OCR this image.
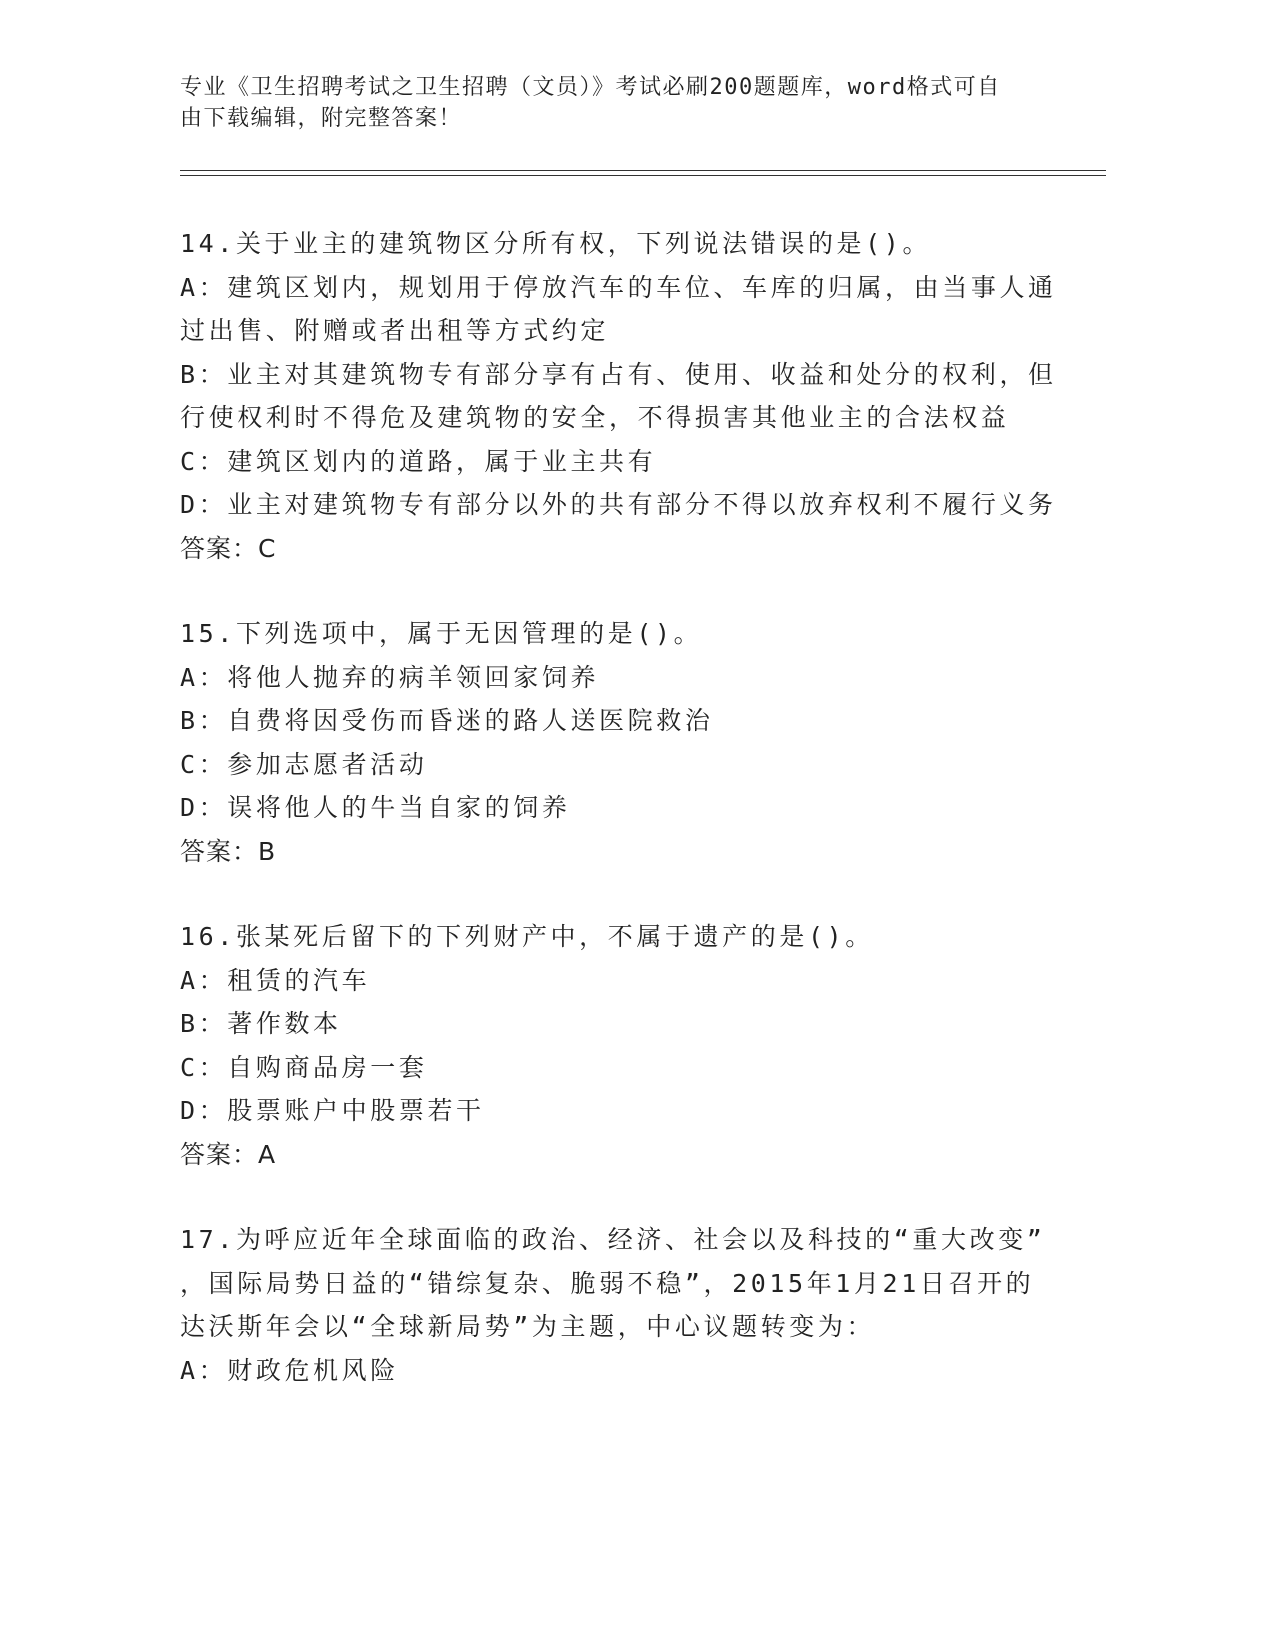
专业《卫生招聘考试之卫生招聘（文员）》考试必刷200题题库，word格式可自
由下载编辑，附完整答案！
14.关于业主的建筑物区分所有权，下列说法错误的是()。
A：建筑区划内，规划用于停放汽车的车位、车库的归属，由当事人通
过出售、附赠或者出租等方式约定
B：业主对其建筑物专有部分享有占有、使用、收益和处分的权利，但
行使权利时不得危及建筑物的安全，不得损害其他业主的合法权益
C：建筑区划内的道路，属于业主共有
D：业主对建筑物专有部分以外的共有部分不得以放弃权利不履行义务
答案：C
15.下列选项中，属于无因管理的是()。
A：将他人抛弃的病羊领回家饲养
B：自费将因受伤而昏迷的路人送医院救治
C：参加志愿者活动
D：误将他人的牛当自家的饲养
答案：B
16.张某死后留下的下列财产中，不属于遗产的是()。
A：租赁的汽车
B：著作数本
C：自购商品房一套
D：股票账户中股票若干
答案：A
17.为呼应近年全球面临的政治、经济、社会以及科技的“重大改变”
，国际局势日益的“错综复杂、脆弱不稳”，2015年1月21日召开的
达沃斯年会以“全球新局势”为主题，中心议题转变为：
A：财政危机风险
